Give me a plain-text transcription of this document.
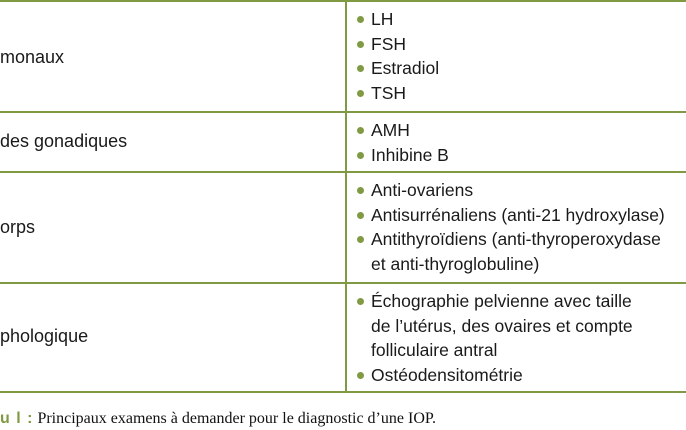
monaux
LH
FSH
Estradiol
TSH
des gonadiques
AMH
Inhibine B
orps
Anti-ovariens
Antisurrénaliens (anti-21 hydroxylase)
Antithyroïdiens (anti-thyroperoxydase
et anti-thyroglobuline)
phologique
Échographie pelvienne avec taille
de l’utérus, des ovaires et compte
folliculaire antral
Ostéodensitométrie
u l : Principaux examens à demander pour le diagnostic d’une IOP.
